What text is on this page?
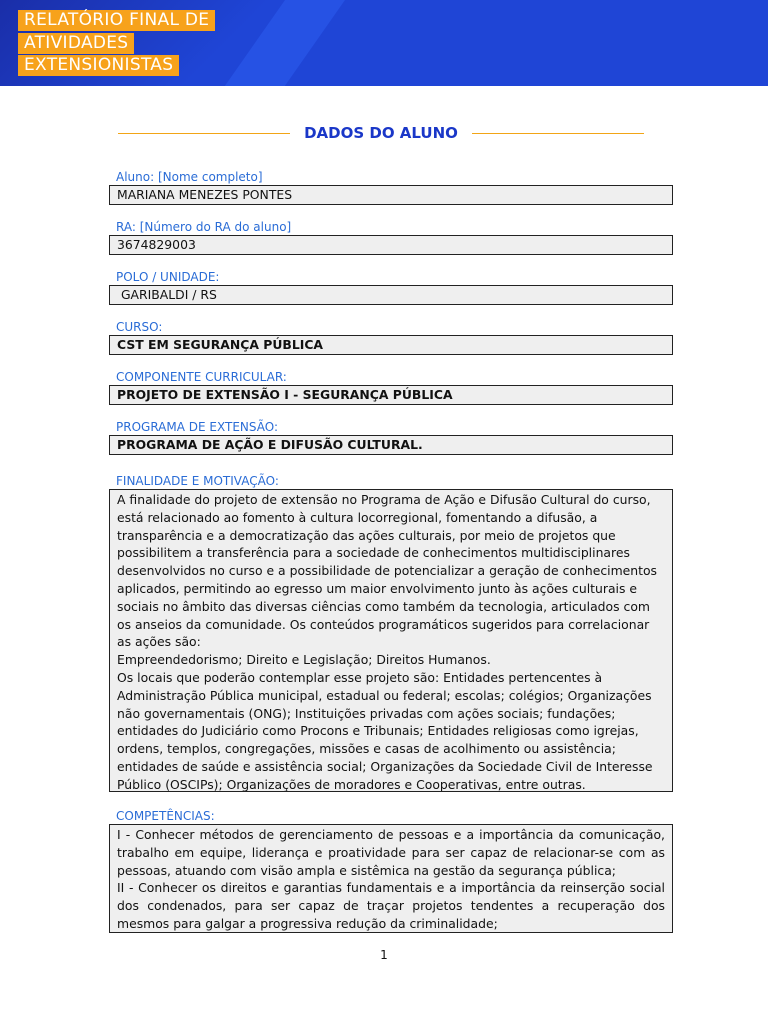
RELATÓRIO FINAL DE
ATIVIDADES
EXTENSIONISTAS
DADOS DO ALUNO
Aluno: [Nome completo]
MARIANA MENEZES PONTES
RA: [Número do RA do aluno]
3674829003
POLO / UNIDADE:
GARIBALDI / RS
CURSO:
CST EM SEGURANÇA PÚBLICA
COMPONENTE CURRICULAR:
PROJETO DE EXTENSÃO I - SEGURANÇA PÚBLICA
PROGRAMA DE EXTENSÃO:
PROGRAMA DE AÇÃO E DIFUSÃO CULTURAL.
FINALIDADE E MOTIVAÇÃO:

A finalidade do projeto de extensão no Programa de Ação e Difusão Cultural do curso, está relacionado ao fomento à cultura locorregional, fomentando a difusão, a transparência e a democratização das ações culturais, por meio de projetos que possibilitem a transferência para a sociedade de conhecimentos multidisciplinares desenvolvidos no curso e a possibilidade de potencializar a geração de conhecimentos aplicados, permitindo ao egresso um maior envolvimento junto às ações culturais e sociais no âmbito das diversas ciências como também da tecnologia, articulados com os anseios da comunidade. Os conteúdos programáticos sugeridos para correlacionar as ações são:

Empreendedorismo; Direito e Legislação; Direitos Humanos.

Os locais que poderão contemplar esse projeto são: Entidades pertencentes à Administração Pública municipal, estadual ou federal; escolas; colégios; Organizações não governamentais (ONG); Instituições privadas com ações sociais; fundações; entidades do Judiciário como Procons e Tribunais; Entidades religiosas como igrejas, ordens, templos, congregações, missões e casas de acolhimento ou assistência; entidades de saúde e assistência social; Organizações da Sociedade Civil de Interesse Público (OSCIPs); Organizações de moradores e Cooperativas, entre outras.

COMPETÊNCIAS:

I - Conhecer métodos de gerenciamento de pessoas e a importância da comunicação, trabalho em equipe, liderança e proatividade para ser capaz de relacionar-se com as pessoas, atuando com visão ampla e sistêmica na gestão da segurança pública;

II - Conhecer os direitos e garantias fundamentais e a importância da reinserção social dos condenados, para ser capaz de traçar projetos tendentes a recuperação dos mesmos para galgar a progressiva redução da criminalidade;

1
